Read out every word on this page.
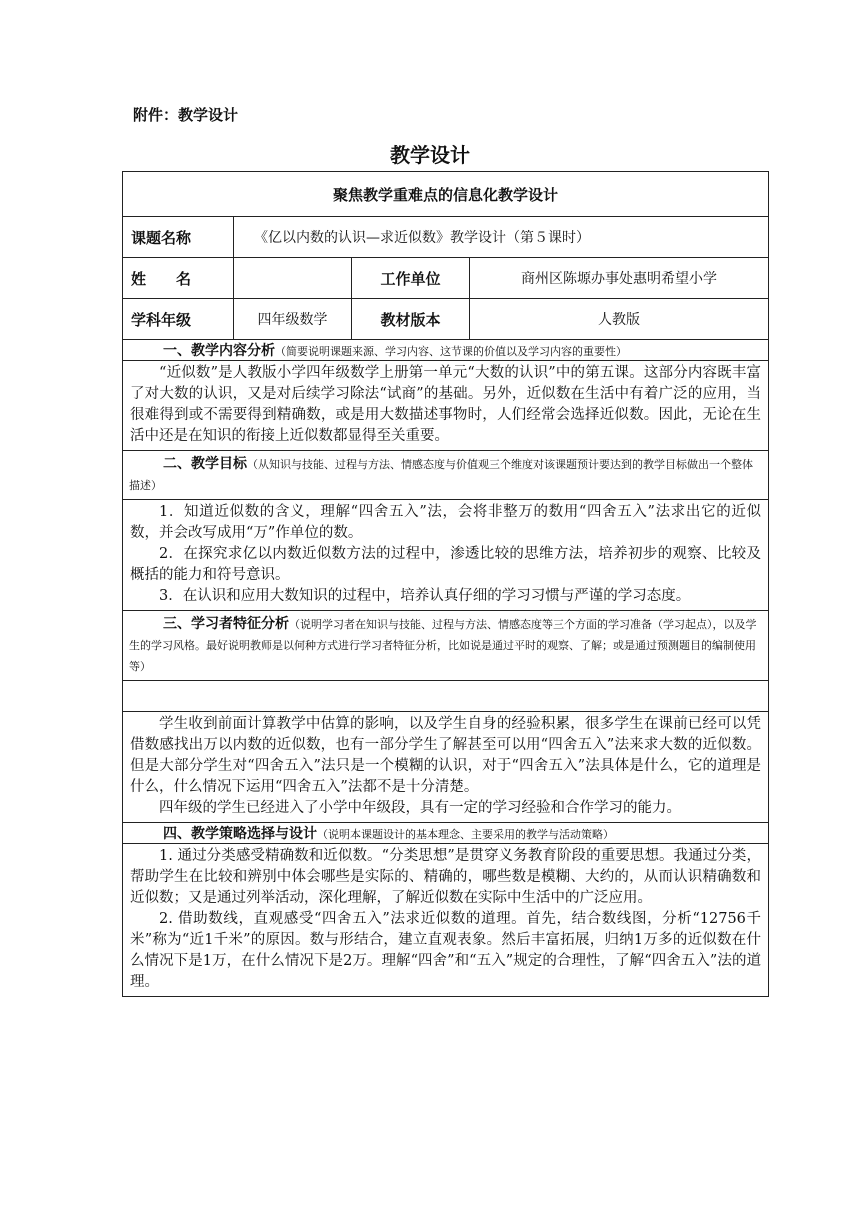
附件：教学设计
教学设计
聚焦教学重难点的信息化教学设计			
课题名称	《亿以内数的认识—求近似数》教学设计（第５课时）		
姓　　名		工作单位	商州区陈塬办事处惠明希望小学
学科年级	四年级数学	教材版本	人教版
一、教学内容分析（简要说明课题来源、学习内容、这节课的价值以及学习内容的重要性）			

“近似数”是人教版小学四年级数学上册第一单元“大数的认识”中的第五课。这部分内容既丰富了对大数的认识，又是对后续学习除法“试商”的基础。另外，近似数在生活中有着广泛的应用，当很难得到或不需要得到精确数，或是用大数描述事物时，人们经常会选择近似数。因此，无论在生活中还是在知识的衔接上近似数都显得至关重要。			

二、教学目标（从知识与技能、过程与方法、情感态度与价值观三个维度对该课题预计要达到的教学目标做出一个整体描述）			

1．知道近似数的含义，理解“四舍五入”法，会将非整万的数用“四舍五入”法求出它的近似数，并会改写成用“万”作单位的数。

2．在探究求亿以内数近似数方法的过程中，渗透比较的思维方法，培养初步的观察、比较及概括的能力和符号意识。

3．在认识和应用大数知识的过程中，培养认真仔细的学习习惯与严谨的学习态度。			

三、学习者特征分析（说明学习者在知识与技能、过程与方法、情感态度等三个方面的学习准备（学习起点），以及学生的学习风格。最好说明教师是以何种方式进行学习者特征分析，比如说是通过平时的观察、了解；或是通过预测题目的编制使用等）			

学生收到前面计算教学中估算的影响，以及学生自身的经验积累，很多学生在课前已经可以凭借数感找出万以内数的近似数，也有一部分学生了解甚至可以用“四舍五入”法来求大数的近似数。但是大部分学生对“四舍五入”法只是一个模糊的认识，对于“四舍五入”法具体是什么，它的道理是什么，什么情况下运用“四舍五入”法都不是十分清楚。

四年级的学生已经进入了小学中年级段，具有一定的学习经验和合作学习的能力。			

四、教学策略选择与设计（说明本课题设计的基本理念、主要采用的教学与活动策略）			

1. 通过分类感受精确数和近似数。“分类思想”是贯穿义务教育阶段的重要思想。我通过分类，帮助学生在比较和辨别中体会哪些是实际的、精确的，哪些数是模糊、大约的，从而认识精确数和近似数；又是通过列举活动，深化理解，了解近似数在实际中生活中的广泛应用。

2. 借助数线，直观感受“四舍五入”法求近似数的道理。首先，结合数线图，分析“12756千米”称为“近1千米”的原因。数与形结合，建立直观表象。然后丰富拓展，归纳1万多的近似数在什么情况下是1万，在什么情况下是2万。理解“四舍”和“五入”规定的合理性，了解“四舍五入”法的道理。			
